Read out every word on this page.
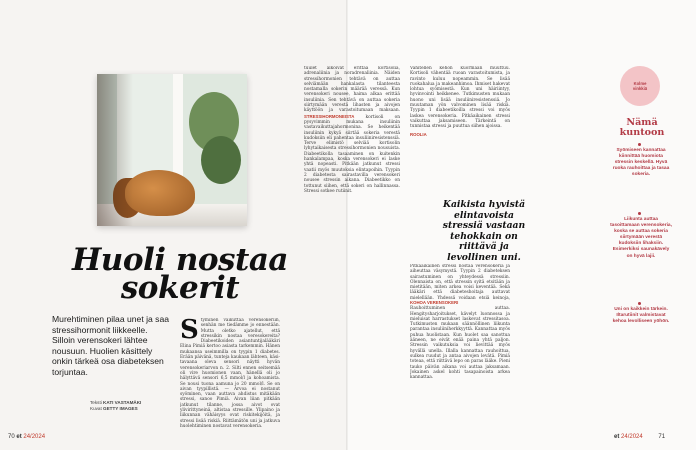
Huoli nostaa
sokerit

Murehtiminen pilaa unet ja saa stressihormonit liikkeelle. Silloin verensokeri lähtee nousuun. Huolien käsittely onkin tärkeä osa diabeteksen torjuntaa.

Teksti KATI VASTAMÄKI
Kuvat GETTY IMAGES

S tyminen vaikuttaa verensokeriin, senhän me tiedämme jo ennestään. Mutta oletko ajatellut, että stressikin nostaa veresokereita? Diabeetikoiden asiantuntijalääkäri Elina Pimiä kertoo asiasta tarkemmin. Hänen mukaansa useimmilla on tyypin 1 diabetes. Erään päivänä, tunteja kaukaan lähteen, käsitavaana oleva sensori näytti hyvän verensokeriarvon n. 2. Silti ennen seitsemää oli vire huomionen vaan, hänellä oli jo hälyttävä sensori 6,5 mmol/l ja kohoamista. Se nousi tuona aamuna jo 20 mmol/l. Se on aivan tyypillistä. — Arvoa ei nostanut syöminen, vaan auttava ahdistus mitäkään stressi, sanoo Pimiä. Aivan liian pitkään jatkunut tilanne, jossa aivot ovat ylivirittyneinä, altistaa stressille. Ylipaino ja liikunnan vähäisyys ovat riskitekijöitä, ja stressi lisää riskiä. Riittämätön uni ja jatkuva huolehtiminen nostavat verensokeria.

70 et 24/2024

tuulet alkoivat erittää kortisolia, adrenaliinia ja noradrenaliinia. Näiden stressihormonien tehtävä on auttaa selviämään hankalasta tilanteesta nostamalla sokerin määrää veressä. Kun verensokeri nousee, haima alkaa erittää insuliinia. Sen tehtävä on auttaa sokeria siirtymään verestä lihasten ja aivojen käyttöön ja varastoitumaan maksaan. STRESSIHORMONEISTA kortisoli on pysyvimmin mukana insuliinin vastavaikuttajahormonina. Se heikentää insuliinin kykyä siirtää sokeria verestä kudoksiin eli pahentaa insuliiniresistenssiä. Terve elimistö selviää kortisolin lyhytaikaisesta stressihormonien nousuista. Diabeetikolla tasaaminen on kuitenkin hankalampaa, koska verensokeri ei laske yhtä nopeasti. Pitkään jatkunut stressi vaatii myös muutoksia elintapoihin. Tyypin 2 diabetesta sairastavilla verensokeri nousee stressin aikana. Diabeetikko on tottunut siihen, että sokeri on hallinnassa. Stressi sotkee rutiinit.

Vähitellen kehon kuormaan muuttuu. Kortisoli vähentää ruoan varastoitumista, ja ravinto kuluu nopeammin. Se lisää ruokahalua ja makeanhimoa. Ihmiset hakevat lohtua syömisestä. Kun uni häiriintyy, hyvinvointi heikkenee. Tutkimusten mukaan huono uni lisää insuliiniresistenssiä. Jo muutaman yön valvominen lisää riskiä. Tyypin 1 diabeetikoilla stressi voi myös laskea verensokeria. Pitkäaikainen stressi vaikuttaa jaksamiseen. Tärkeintä on tunnistaa stressi ja puuttua siihen ajoissa.

ROOLIA

Kaikista hyvistä elintavoista stressiä vastaan tehokkain on riittävä ja levollinen uni.

Pitkäaikainen stressi nostaa verensokeria ja aiheuttaa väsymystä. Tyypin 2 diabeteksen sairastuminen on yhteydessä stressiin. Olennaista on, että stressin syitä etsitään ja mietitään, miten arkea voisi keventää. Sekä lääkäri että diabeteshoitaja auttavat mielellään. Yhdessä voidaan etsiä keinoja,

KOHOA VERENSOKERI

Rauhoittuminen auttaa. Hengitysharjoitukset, kävelyt luonnossa ja mieluisat harrastukset laskevat stressitasoa. Tutkimusten mukaan säännöllinen liikunta parantaa insuliiniherkkyyttä. Kannattaa myös puhua huolistaan. Kun huolet saa sanottua ääneen, ne eivät enää paina yhtä paljon. Stressin vaikutuksia voi lievittää myös hyvällä unella. Illalla kannattaa rauhoittua, sulkea ruudut ja antaa aivojen levätä. Pimiä toteaa, että riittävä lepo on paras lääke. Pieni tauko päivän aikana voi auttaa jaksamaan. Jokainen askel kohti tasapainoista arkea kannattaa.

Kolme
vinkkiä

Nämä
kuntoon

Syömiseen kannattaa kiinnittää huomiota stressin keskellä. Hyvä ruoka rauhoittaa ja tasaa sokeria.

Liikunta auttaa tasoittamaan verensokeria, koska se auttaa sokeria siirtymään verestä kudoksiin lihaksiin. Esimerkiksi saunakävely on hyvä lajii.

Uni on kaikkein tärkein. Iltarutiinit valmistavat kehoa levolliseen yöhön.

et 24/2024	71
